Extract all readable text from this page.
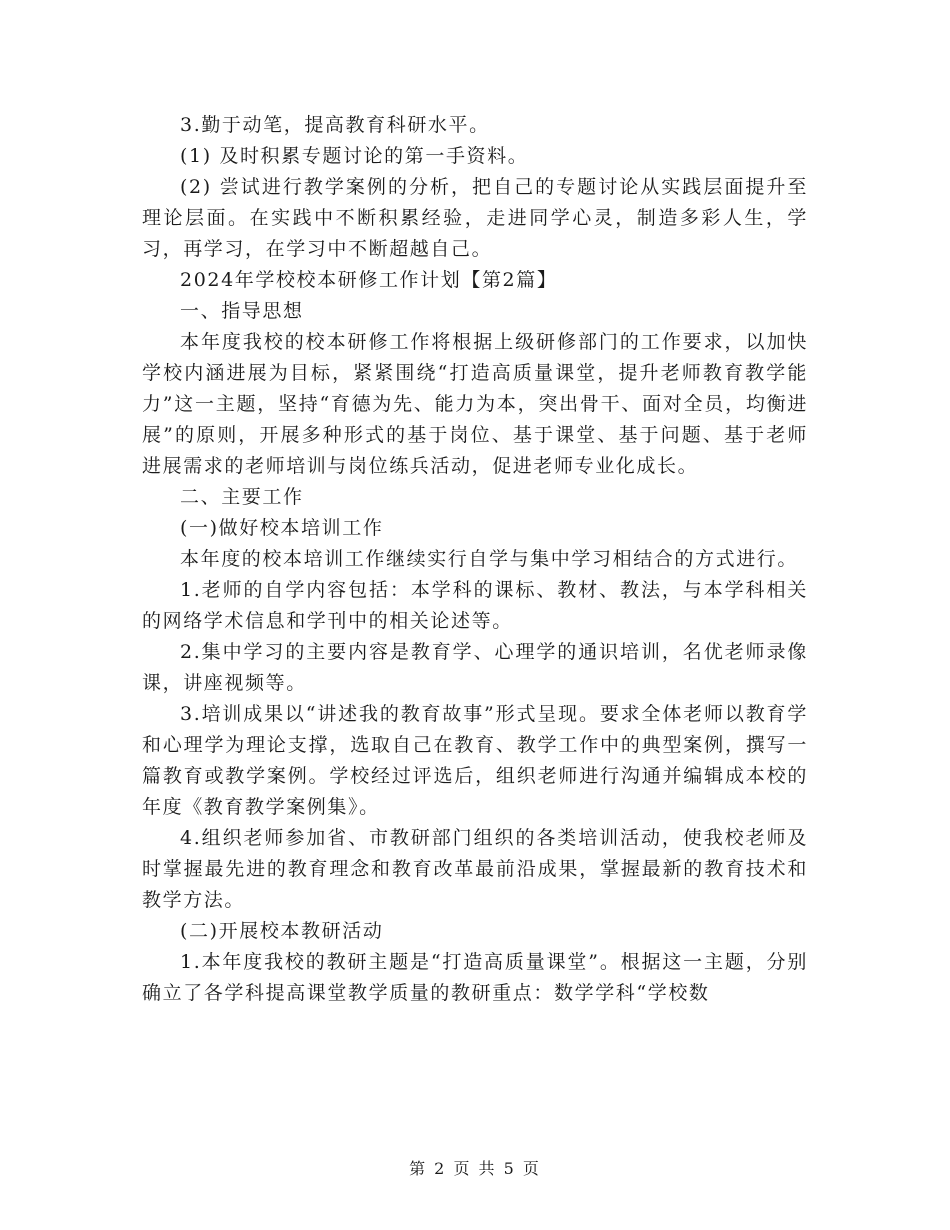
3.勤于动笔，提高教育科研水平。

(1) 及时积累专题讨论的第一手资料。

(2) 尝试进行教学案例的分析，把自己的专题讨论从实践层面提升至理论层面。在实践中不断积累经验，走进同学心灵，制造多彩人生，学习，再学习，在学习中不断超越自己。

2024年学校校本研修工作计划【第2篇】

一、指导思想

本年度我校的校本研修工作将根据上级研修部门的工作要求，以加快学校内涵进展为目标，紧紧围绕“打造高质量课堂，提升老师教育教学能力”这一主题，坚持“育德为先、能力为本，突出骨干、面对全员，均衡进展”的原则，开展多种形式的基于岗位、基于课堂、基于问题、基于老师进展需求的老师培训与岗位练兵活动，促进老师专业化成长。

二、主要工作

(一)做好校本培训工作

本年度的校本培训工作继续实行自学与集中学习相结合的方式进行。

1.老师的自学内容包括：本学科的课标、教材、教法，与本学科相关的网络学术信息和学刊中的相关论述等。

2.集中学习的主要内容是教育学、心理学的通识培训，名优老师录像课，讲座视频等。

3.培训成果以“讲述我的教育故事”形式呈现。要求全体老师以教育学和心理学为理论支撑，选取自己在教育、教学工作中的典型案例，撰写一篇教育或教学案例。学校经过评选后，组织老师进行沟通并编辑成本校的年度《教育教学案例集》。

4.组织老师参加省、市教研部门组织的各类培训活动，使我校老师及时掌握最先进的教育理念和教育改革最前沿成果，掌握最新的教育技术和教学方法。

(二)开展校本教研活动

1.本年度我校的教研主题是“打造高质量课堂”。根据这一主题，分别确立了各学科提高课堂教学质量的教研重点：数学学科“学校数

第 2 页 共 5 页
